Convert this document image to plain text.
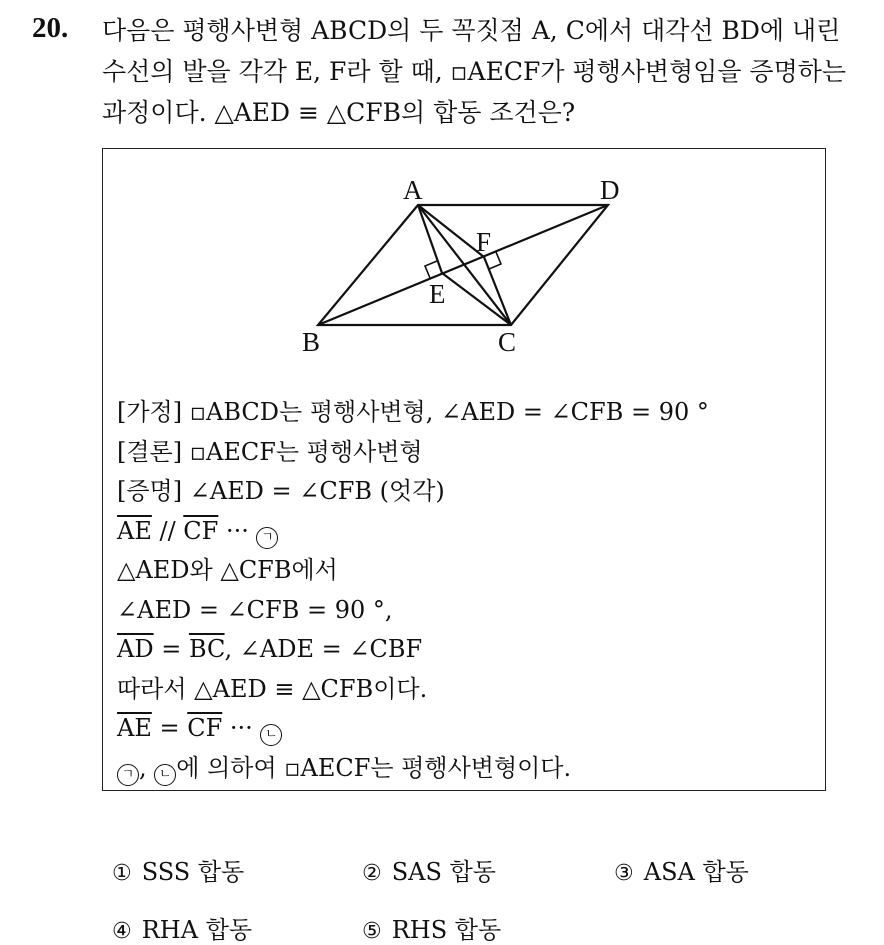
20. 다음은 평행사변형 ABCD의 두 꼭짓점 A, C에서 대각선 BD에 내린
수선의 발을 각각 E, F라 할 때, ▫AECF가 평행사변형임을 증명하는
과정이다. △AED ≡ △CFB의 합동 조건은?
A	D
F
E
B	C
[가정] ▫ABCD는 평행사변형, ∠AED = ∠CFB = 90 °
[결론] ▫AECF는 평행사변형
[증명] ∠AED = ∠CFB (엇각)
$\overline{AE} // \overline{CF}$ ··· ㄱ
△AED와 △CFB에서
∠AED = ∠CFB = 90 °,
$\overline{AD} = \overline{BC}$, ∠ADE = ∠CBF
따라서 △AED ≡ △CFB이다.
$\overline{AE} = \overline{CF}$ ··· ㄴ
ㄱ , ㄴ 에 의하여 ▫AECF는 평행사변형이다.
① SSS 합동	② SAS 합동	③ ASA 합동
④ RHA 합동	⑤ RHS 합동
